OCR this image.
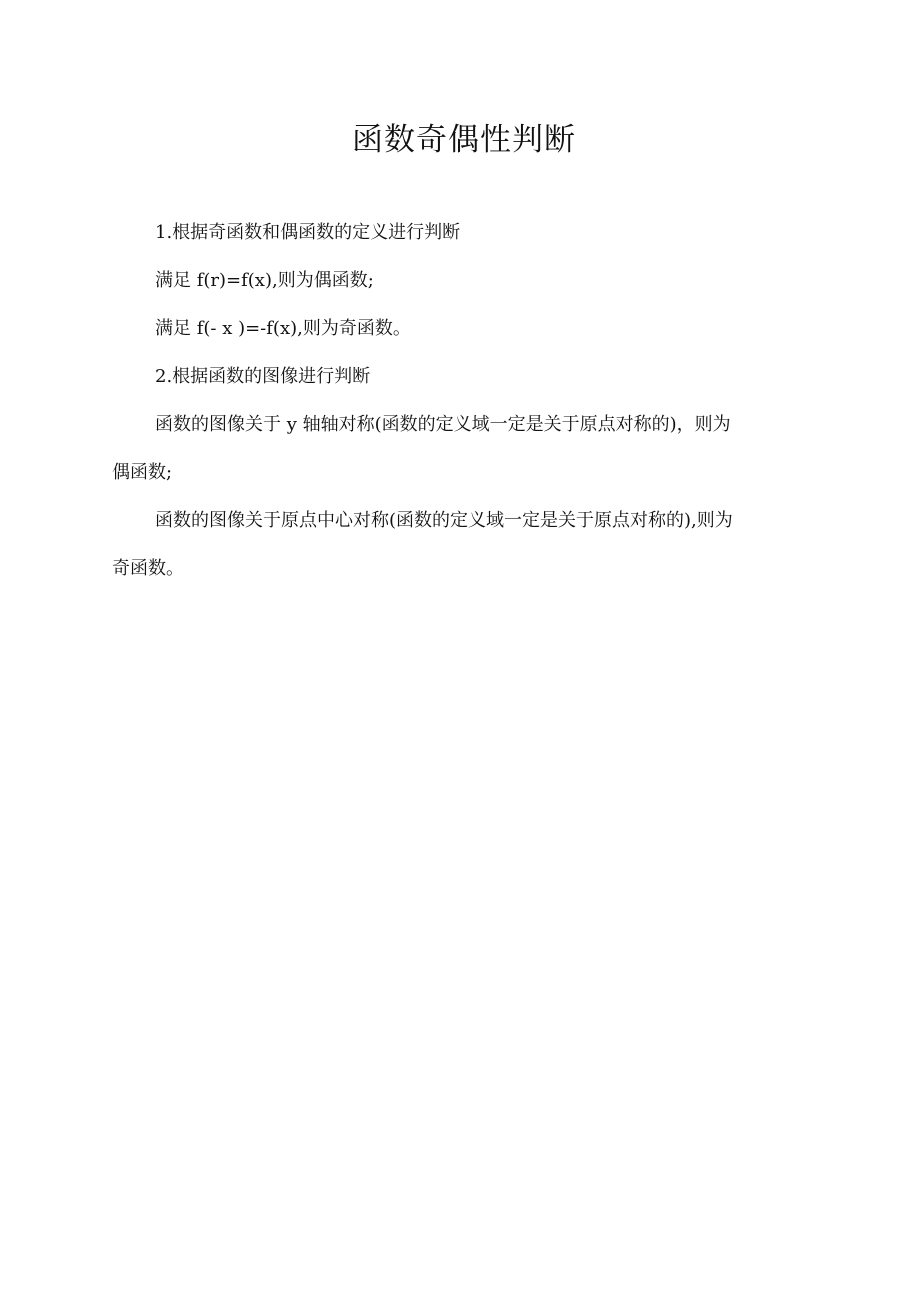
函数奇偶性判断
1.根据奇函数和偶函数的定义进行判断
满足 f(r)=f(x),则为偶函数;
满足 f(- x )=-f(x),则为奇函数。
2.根据函数的图像进行判断
函数的图像关于 y 轴轴对称(函数的定义域一定是关于原点对称的)，则为
偶函数;
函数的图像关于原点中心对称(函数的定义域一定是关于原点对称的),则为
奇函数。
